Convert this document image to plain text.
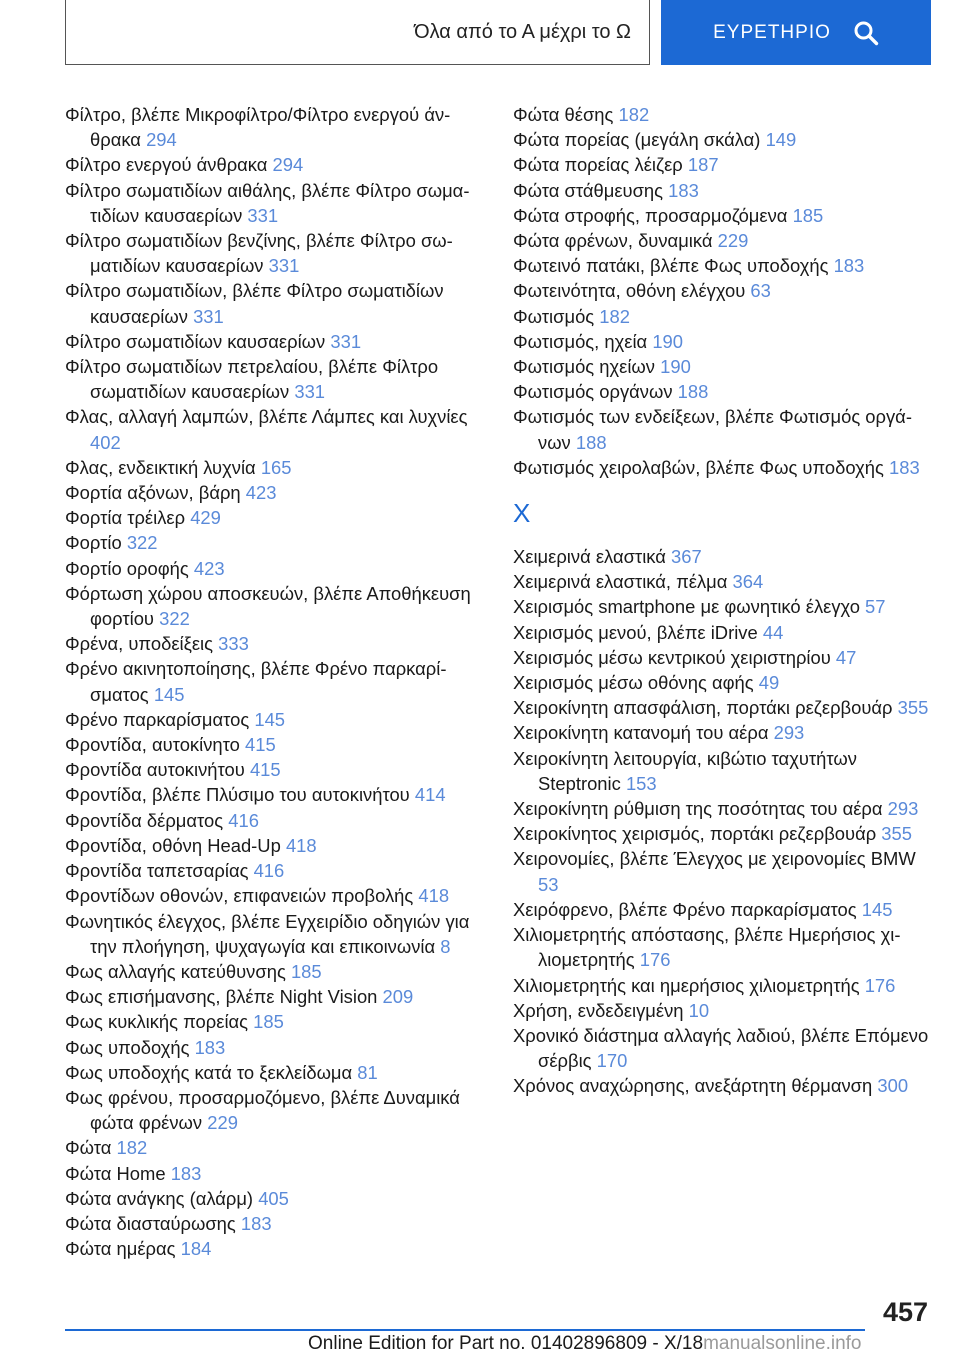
Όλα από το Α μέχρι το Ω	ΕΥΡΕΤΗΡΙΟ
Φίλτρο, βλέπε Μικροφίλτρο/Φίλτρο ενεργού άνθρακα 294
Φίλτρο ενεργού άνθρακα 294
Φίλτρο σωματιδίων αιθάλης, βλέπε Φίλτρο σωματιδίων καυσαερίων 331
Φίλτρο σωματιδίων βενζίνης, βλέπε Φίλτρο σωματιδίων καυσαερίων 331
Φίλτρο σωματιδίων, βλέπε Φίλτρο σωματιδίων καυσαερίων 331
Φίλτρο σωματιδίων καυσαερίων 331
Φίλτρο σωματιδίων πετρελαίου, βλέπε Φίλτρο σωματιδίων καυσαερίων 331
Φλας, αλλαγή λαμπών, βλέπε Λάμπες και λυχνίες 402
Φλας, ενδεικτική λυχνία 165
Φορτία αξόνων, βάρη 423
Φορτία τρέιλερ 429
Φορτίο 322
Φορτίο οροφής 423
Φόρτωση χώρου αποσκευών, βλέπε Αποθήκευση φορτίου 322
Φρένα, υποδείξεις 333
Φρένο ακινητοποίησης, βλέπε Φρένο παρκαρίσματος 145
Φρένο παρκαρίσματος 145
Φροντίδα, αυτοκίνητο 415
Φροντίδα αυτοκινήτου 415
Φροντίδα, βλέπε Πλύσιμο του αυτοκινήτου 414
Φροντίδα δέρματος 416
Φροντίδα, οθόνη Head-Up 418
Φροντίδα ταπετσαρίας 416
Φροντίδων οθονών, επιφανειών προβολής 418
Φωνητικός έλεγχος, βλέπε Εγχειρίδιο οδηγιών για την πλοήγηση, ψυχαγωγία και επικοινωνία 8
Φως αλλαγής κατεύθυνσης 185
Φως επισήμανσης, βλέπε Night Vision 209
Φως κυκλικής πορείας 185
Φως υποδοχής 183
Φως υποδοχής κατά το ξεκλείδωμα 81
Φως φρένου, προσαρμοζόμενο, βλέπε Δυναμικά φώτα φρένων 229
Φώτα 182
Φώτα Home 183
Φώτα ανάγκης (αλάρμ) 405
Φώτα διασταύρωσης 183
Φώτα ημέρας 184
Φώτα θέσης 182
Φώτα πορείας (μεγάλη σκάλα) 149
Φώτα πορείας λέιζερ 187
Φώτα στάθμευσης 183
Φώτα στροφής, προσαρμοζόμενα 185
Φώτα φρένων, δυναμικά 229
Φωτεινό πατάκι, βλέπε Φως υποδοχής 183
Φωτεινότητα, οθόνη ελέγχου 63
Φωτισμός 182
Φωτισμός, ηχεία 190
Φωτισμός ηχείων 190
Φωτισμός οργάνων 188
Φωτισμός των ενδείξεων, βλέπε Φωτισμός οργάνων 188
Φωτισμός χειρολαβών, βλέπε Φως υποδοχής 183
Χ
Χειμερινά ελαστικά 367
Χειμερινά ελαστικά, πέλμα 364
Χειρισμός smartphone με φωνητικό έλεγχο 57
Χειρισμός μενού, βλέπε iDrive 44
Χειρισμός μέσω κεντρικού χειριστηρίου 47
Χειρισμός μέσω οθόνης αφής 49
Χειροκίνητη απασφάλιση, πορτάκι ρεζερβουάρ 355
Χειροκίνητη κατανομή του αέρα 293
Χειροκίνητη λειτουργία, κιβώτιο ταχυτήτων Steptronic 153
Χειροκίνητη ρύθμιση της ποσότητας του αέρα 293
Χειροκίνητος χειρισμός, πορτάκι ρεζερβουάρ 355
Χειρονομίες, βλέπε Έλεγχος με χειρονομίες BMW 53
Χειρόφρενο, βλέπε Φρένο παρκαρίσματος 145
Χιλιομετρητής απόστασης, βλέπε Ημερήσιος χιλιομετρητής 176
Χιλιομετρητής και ημερήσιος χιλιομετρητής 176
Χρήση, ενδεδειγμένη 10
Χρονικό διάστημα αλλαγής λαδιού, βλέπε Επόμενο σέρβις 170
Χρόνος αναχώρησης, ανεξάρτητη θέρμανση 300
457
Online Edition for Part no. 01402896809 - X/18manualsonline.info
